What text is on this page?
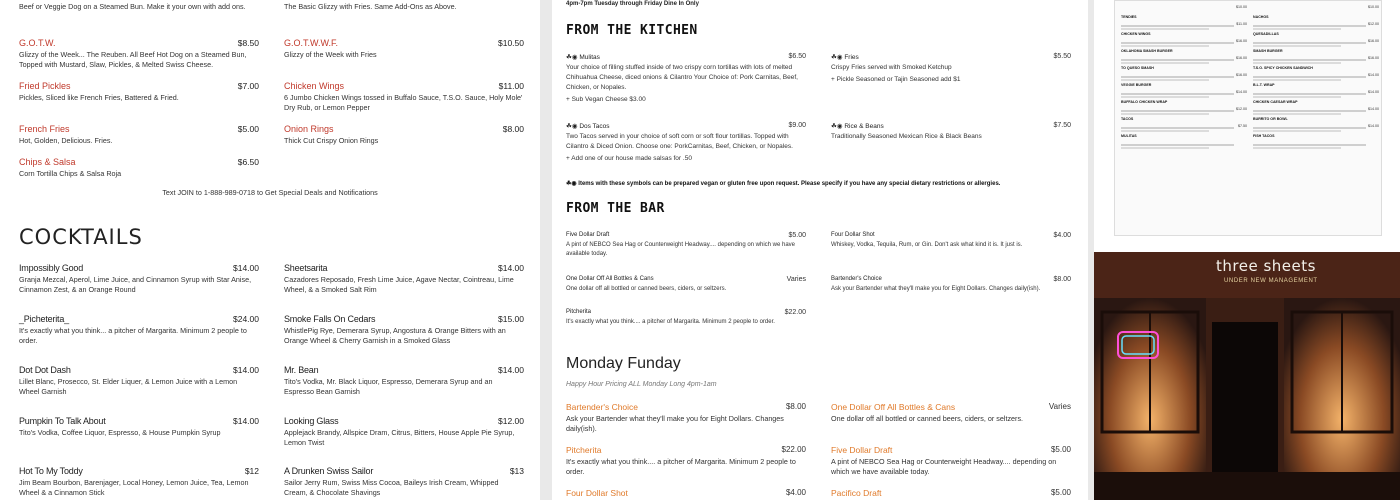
Beef or Veggie Dog on a Steamed Bun. Make it your own with add ons.	The Basic Glizzy with Fries. Same Add-Ons as Above.
G.O.T.W.	$8.50
Glizzy of the Week... The Reuben. All Beef Hot Dog on a Steamed Bun, Topped with Mustard, Slaw, Pickles, & Melted Swiss Cheese.
G.O.T.W.W.F.	$10.50
Glizzy of the Week with Fries
Fried Pickles	$7.00
Pickles, Sliced like French Fries, Battered & Fried.
Chicken Wings	$11.00
6 Jumbo Chicken Wings tossed in Buffalo Sauce, T.S.O. Sauce, Holy Mole' Dry Rub, or Lemon Pepper
French Fries	$5.00
Hot, Golden, Delicious. Fries.
Onion Rings	$8.00
Thick Cut Crispy Onion Rings
Chips & Salsa	$6.50
Corn Tortilla Chips & Salsa Roja
Text JOIN to 1-888-989-0718 to Get Special Deals and Notifications
COCKTAILS
Impossibly Good	$14.00
Granja Mezcal, Aperol, Lime Juice, and Cinnamon Syrup with Star Anise, Cinnamon Zest, & an Orange Round
Sheetsarita	$14.00
Cazadores Reposado, Fresh Lime Juice, Agave Nectar, Cointreau, Lime Wheel, & a Smoked Salt Rim
_Picheterita_	$24.00
It's exactly what you think... a pitcher of Margarita. Minimum 2 people to order.
Smoke Falls On Cedars	$15.00
WhistlePig Rye, Demerara Syrup, Angostura & Orange Bitters with an Orange Wheel & Cherry Garnish in a Smoked Glass
Dot Dot Dash	$14.00
Lillet Blanc, Prosecco, St. Elder Liquer, & Lemon Juice with a Lemon Wheel Garnish
Mr. Bean	$14.00
Tito's Vodka, Mr. Black Liquor, Espresso, Demerara Syrup and an Espresso Bean Garnish
Pumpkin To Talk About	$14.00
Tito's Vodka, Coffee Liquor, Espresso, & House Pumpkin Syrup
Looking Glass	$12.00
Applejack Brandy, Allspice Dram, Citrus, Bitters, House Apple Pie Syrup, Lemon Twist
Hot To My Toddy	$12
Jim Beam Bourbon, Barenjager, Local Honey, Lemon Juice, Tea, Lemon Wheel & a Cinnamon Stick
A Drunken Swiss Sailor	$13
Sailor Jerry Rum, Swiss Miss Cocoa, Baileys Irish Cream, Whipped Cream, & Chocolate Shavings
4pm-7pm Tuesday through Friday Dine In Only
FROM THE KITCHEN
☘◉ Mulitas	$6.50
Your choice of filling stuffed inside of two crispy corn tortillas with lots of melted Chihuahua Cheese, diced onions & Cilantro Your Choice of: Pork Carnitas, Beef, Chicken, or Nopales.
+ Sub Vegan Cheese $3.00
☘◉ Fries	$5.50
Crispy Fries served with Smoked Ketchup
+ Pickle Seasoned or Tajin Seasoned add $1
☘◉ Dos Tacos	$9.00
Two Tacos served in your choice of soft corn or soft flour tortillas. Topped with Cilantro & Diced Onion. Choose one: PorkCarnitas, Beef, Chicken, or Nopales.
+ Add one of our house made salsas for .50
☘◉ Rice & Beans	$7.50
Traditionally Seasoned Mexican Rice & Black Beans
☘◉ Items with these symbols can be prepared vegan or gluten free upon request. Please specify if you have any special dietary restrictions or allergies.
FROM THE BAR
Five Dollar Draft	$5.00
A pint of NEBCO Sea Hag or Counterweight Headway.... depending on which we have available today.
Four Dollar Shot	$4.00
Whiskey, Vodka, Tequila, Rum, or Gin. Don't ask what kind it is. It just is.
One Dollar Off All Bottles & Cans	Varies
One dollar off all bottled or canned beers, ciders, or seltzers.
Bartender's Choice	$8.00
Ask your Bartender what they'll make you for Eight Dollars. Changes daily(ish).
Pitcherita	$22.00
It's exactly what you think.... a pitcher of Margarita. Minimum 2 people to order.
Monday Funday
Happy Hour Pricing ALL Monday Long 4pm-1am
Bartender's Choice	$8.00
Ask your Bartender what they'll make you for Eight Dollars. Changes daily(ish).
One Dollar Off All Bottles & Cans	Varies
One dollar off all bottled or canned beers, ciders, or seltzers.
Pitcherita	$22.00
It's exactly what you think.... a pitcher of Margarita. Minimum 2 people to order.
Five Dollar Draft	$5.00
A pint of NEBCO Sea Hag or Counterweight Headway.... depending on which we have available today.
Four Dollar Shot	$4.00	Pacifico Draft	$5.00
TENDIES
$10.00
CHICKEN WINGS
$11.00
OKLAHOMA SMASH BURGER
$16.00
TO QUESO SMASH
$16.00
VEGGIE BURGER
$16.00
BUFFALO CHICKEN WRAP
$14.00
TACOS
$12.00
MULITAS
$7.50
NACHOS
$10.00
QUESADILLAS
$12.00
SMASH BURGER
$16.00
T.S.O. SPICY CHICKEN SANDWICH
$16.00
B.L.T. WRAP
$14.00
CHICKEN CAESAR WRAP
$14.00
BURRITO OR BOWL
$14.00
FISH TACOS
$14.00
three sheets
UNDER NEW MANAGEMENT
